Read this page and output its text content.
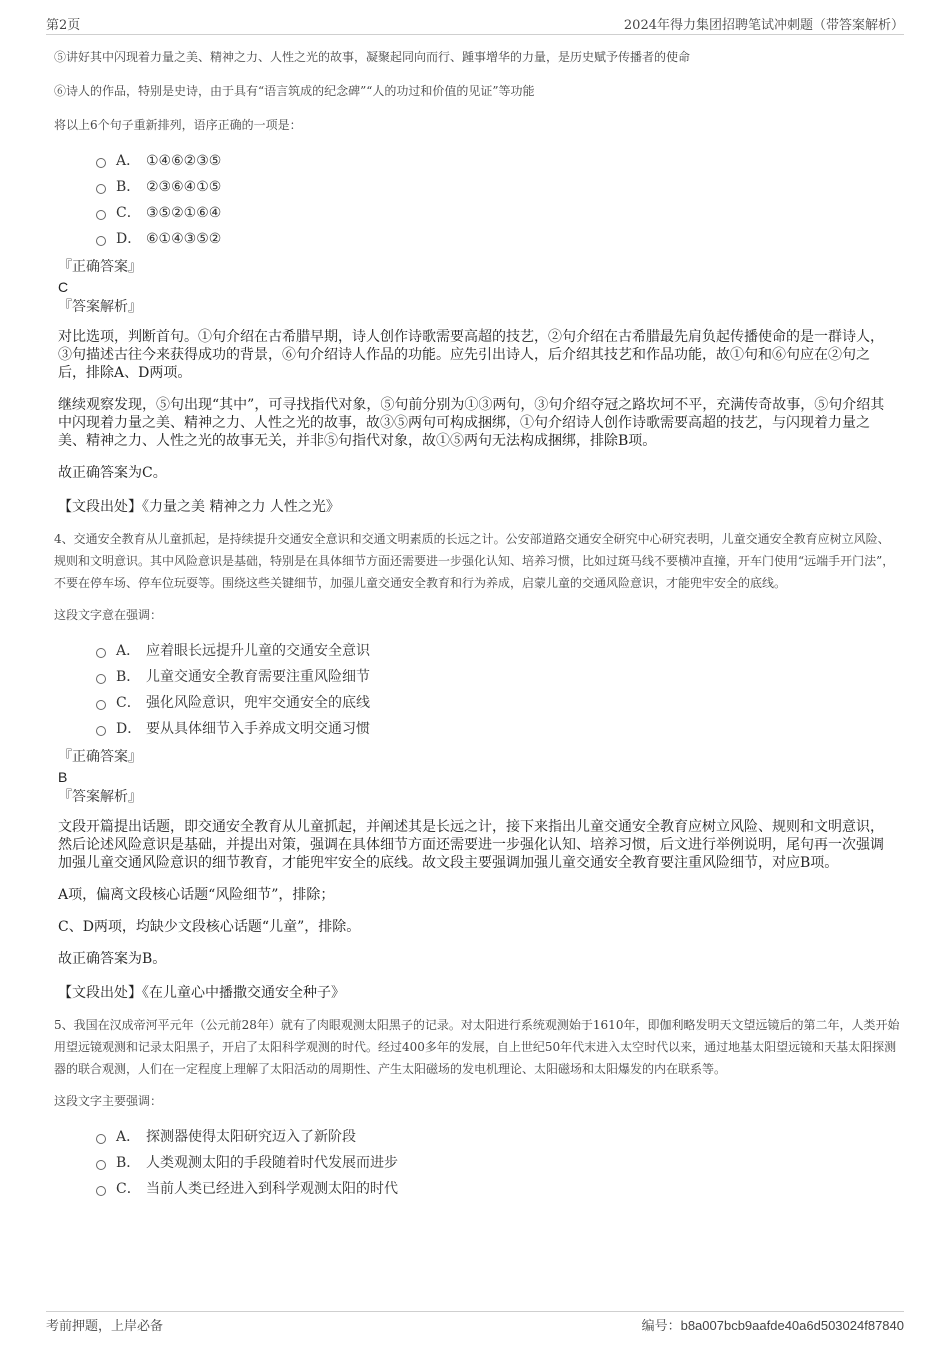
第2页	2024年得力集团招聘笔试冲刺题（带答案解析）

⑤讲好其中闪现着力量之美、精神之力、人性之光的故事，凝聚起同向而行、踵事增华的力量，是历史赋予传播者的使命

⑥诗人的作品，特别是史诗，由于具有“语言筑成的纪念碑”“人的功过和价值的见证”等功能

将以上6个句子重新排列，语序正确的一项是：

A． ①④⑥②③⑤
B． ②③⑥④①⑤
C． ③⑤②①⑥④
D． ⑥①④③⑤②

『正确答案』

C

『答案解析』

对比选项，判断首句。①句介绍在古希腊早期，诗人创作诗歌需要高超的技艺，②句介绍在古希腊最先肩负起传播使命的是一群诗人，③句描述古往今来获得成功的背景，⑥句介绍诗人作品的功能。应先引出诗人，后介绍其技艺和作品功能，故①句和⑥句应在②句之后，排除A、D两项。

继续观察发现，⑤句出现“其中”，可寻找指代对象，⑤句前分别为①③两句，③句介绍夺冠之路坎坷不平，充满传奇故事，⑤句介绍其中闪现着力量之美、精神之力、人性之光的故事，故③⑤两句可构成捆绑，①句介绍诗人创作诗歌需要高超的技艺，与闪现着力量之美、精神之力、人性之光的故事无关，并非⑤句指代对象，故①⑤两句无法构成捆绑，排除B项。

故正确答案为C。

【文段出处】《力量之美 精神之力 人性之光》

4、交通安全教育从儿童抓起，是持续提升交通安全意识和交通文明素质的长远之计。公安部道路交通安全研究中心研究表明，儿童交通安全教育应树立风险、规则和文明意识。其中风险意识是基础，特别是在具体细节方面还需要进一步强化认知、培养习惯，比如过斑马线不要横冲直撞，开车门使用“远端手开门法”，不要在停车场、停车位玩耍等。围绕这些关键细节，加强儿童交通安全教育和行为养成，启蒙儿童的交通风险意识，才能兜牢安全的底线。

这段文字意在强调：

A． 应着眼长远提升儿童的交通安全意识
B． 儿童交通安全教育需要注重风险细节
C． 强化风险意识，兜牢交通安全的底线
D． 要从具体细节入手养成文明交通习惯

『正确答案』

B

『答案解析』

文段开篇提出话题，即交通安全教育从儿童抓起，并阐述其是长远之计，接下来指出儿童交通安全教育应树立风险、规则和文明意识，然后论述风险意识是基础，并提出对策，强调在具体细节方面还需要进一步强化认知、培养习惯，后文进行举例说明，尾句再一次强调加强儿童交通风险意识的细节教育，才能兜牢安全的底线。故文段主要强调加强儿童交通安全教育要注重风险细节，对应B项。

A项，偏离文段核心话题“风险细节”，排除；

C、D两项，均缺少文段核心话题“儿童”，排除。

故正确答案为B。

【文段出处】《在儿童心中播撒交通安全种子》

5、我国在汉成帝河平元年（公元前28年）就有了肉眼观测太阳黑子的记录。对太阳进行系统观测始于1610年，即伽利略发明天文望远镜后的第二年，人类开始用望远镜观测和记录太阳黑子，开启了太阳科学观测的时代。经过400多年的发展，自上世纪50年代末进入太空时代以来，通过地基太阳望远镜和天基太阳探测器的联合观测，人们在一定程度上理解了太阳活动的周期性、产生太阳磁场的发电机理论、太阳磁场和太阳爆发的内在联系等。

这段文字主要强调：

A． 探测器使得太阳研究迈入了新阶段
B． 人类观测太阳的手段随着时代发展而进步
C． 当前人类已经进入到科学观测太阳的时代
考前押题，上岸必备	编号：b8a007bcb9aafde40a6d503024f87840
